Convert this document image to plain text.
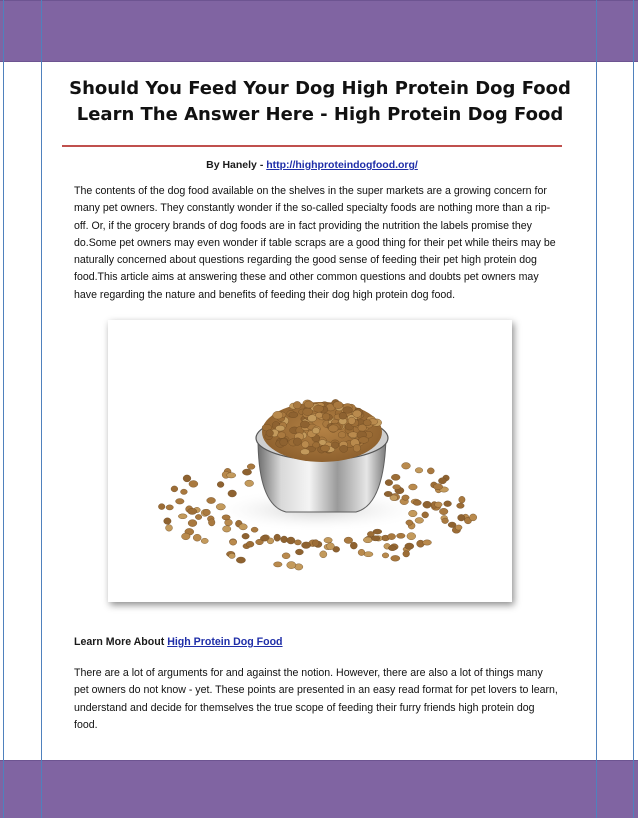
Should You Feed Your Dog High Protein Dog Food Learn The Answer Here - High Protein Dog Food
By Hanely - http://highproteindogfood.org/

The contents of the dog food available on the shelves in the super markets are a growing concern for many pet owners. They constantly wonder if the so-called specialty foods are nothing more than a rip-off. Or, if the grocery brands of dog foods are in fact providing the nutrition the labels promise they do.Some pet owners may even wonder if table scraps are a good thing for their pet while theirs may be naturally concerned about questions regarding the good sense of feeding their pet high protein dog food.This article aims at answering these and other common questions and doubts pet owners may have regarding the nature and benefits of feeding their dog high protein dog food.

Learn More About High Protein Dog Food

There are a lot of arguments for and against the notion. However, there are also a lot of things many pet owners do not know - yet. These points are presented in an easy read format for pet lovers to learn, understand and decide for themselves the true scope of feeding their furry friends high protein dog food.
